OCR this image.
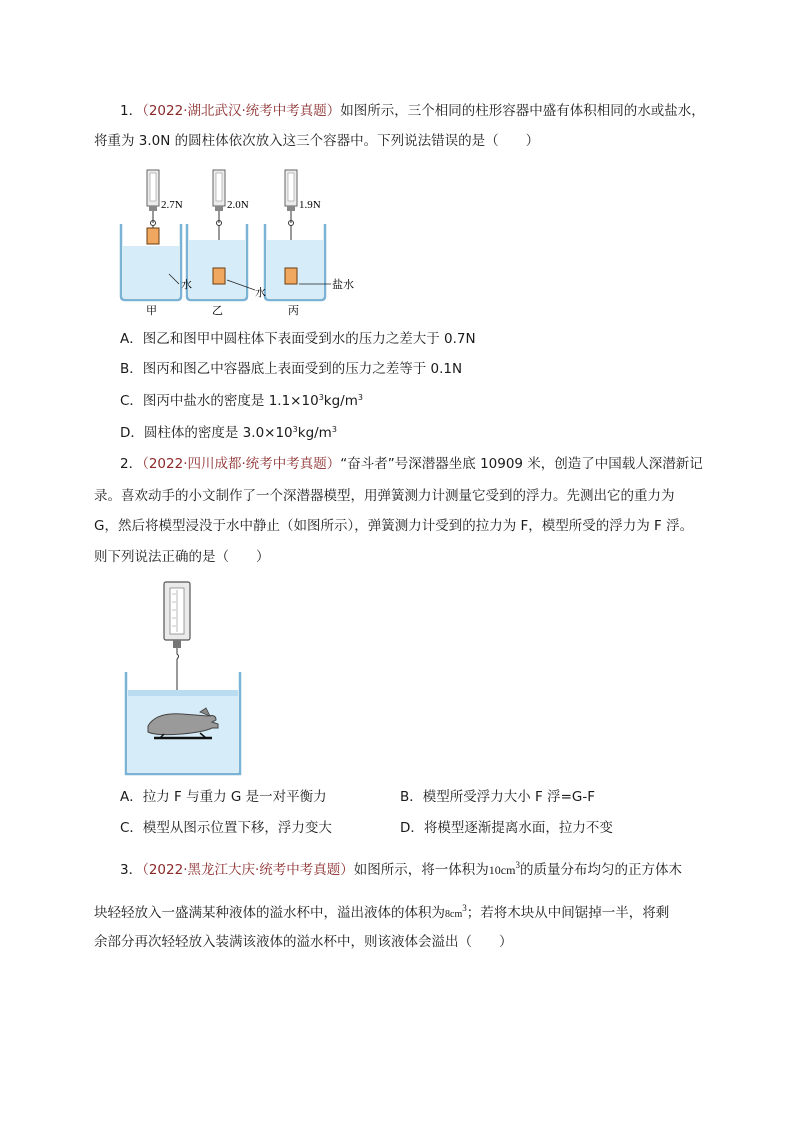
1．（2022·湖北武汉·统考中考真题）如图所示，三个相同的柱形容器中盛有体积相同的水或盐水，
将重为 3.0N 的圆柱体依次放入这三个容器中。下列说法错误的是（　　）
2.7N	2.0N	1.9N
水
水
盐水
甲	乙	丙
A．图乙和图甲中圆柱体下表面受到水的压力之差大于 0.7N
B．图丙和图乙中容器底上表面受到的压力之差等于 0.1N
C．图丙中盐水的密度是 $1.1\times 10^3kg/m^3$
D．圆柱体的密度是 $3.0\times 10^3kg/m^3$
2．（2022·四川成都·统考中考真题）“奋斗者”号深潜器坐底 10909 米，创造了中国载人深潜新记
录。喜欢动手的小文制作了一个深潜器模型，用弹簧测力计测量它受到的浮力。先测出它的重力为
G，然后将模型浸没于水中静止（如图所示），弹簧测力计受到的拉力为 F，模型所受的浮力为 F 浮。
则下列说法正确的是（　　）
A．拉力 F 与重力 G 是一对平衡力	B．模型所受浮力大小 F 浮=G-F
C．模型从图示位置下移，浮力变大	D．将模型逐渐提离水面，拉力不变
3．（2022·黑龙江大庆·统考中考真题）如图所示，将一体积为$10cm^3$的质量分布均匀的正方体木
块轻轻放入一盛满某种液体的溢水杯中，溢出液体的体积为8cm3；若将木块从中间锯掉一半，将剩
余部分再次轻轻放入装满该液体的溢水杯中，则该液体会溢出（　　）
